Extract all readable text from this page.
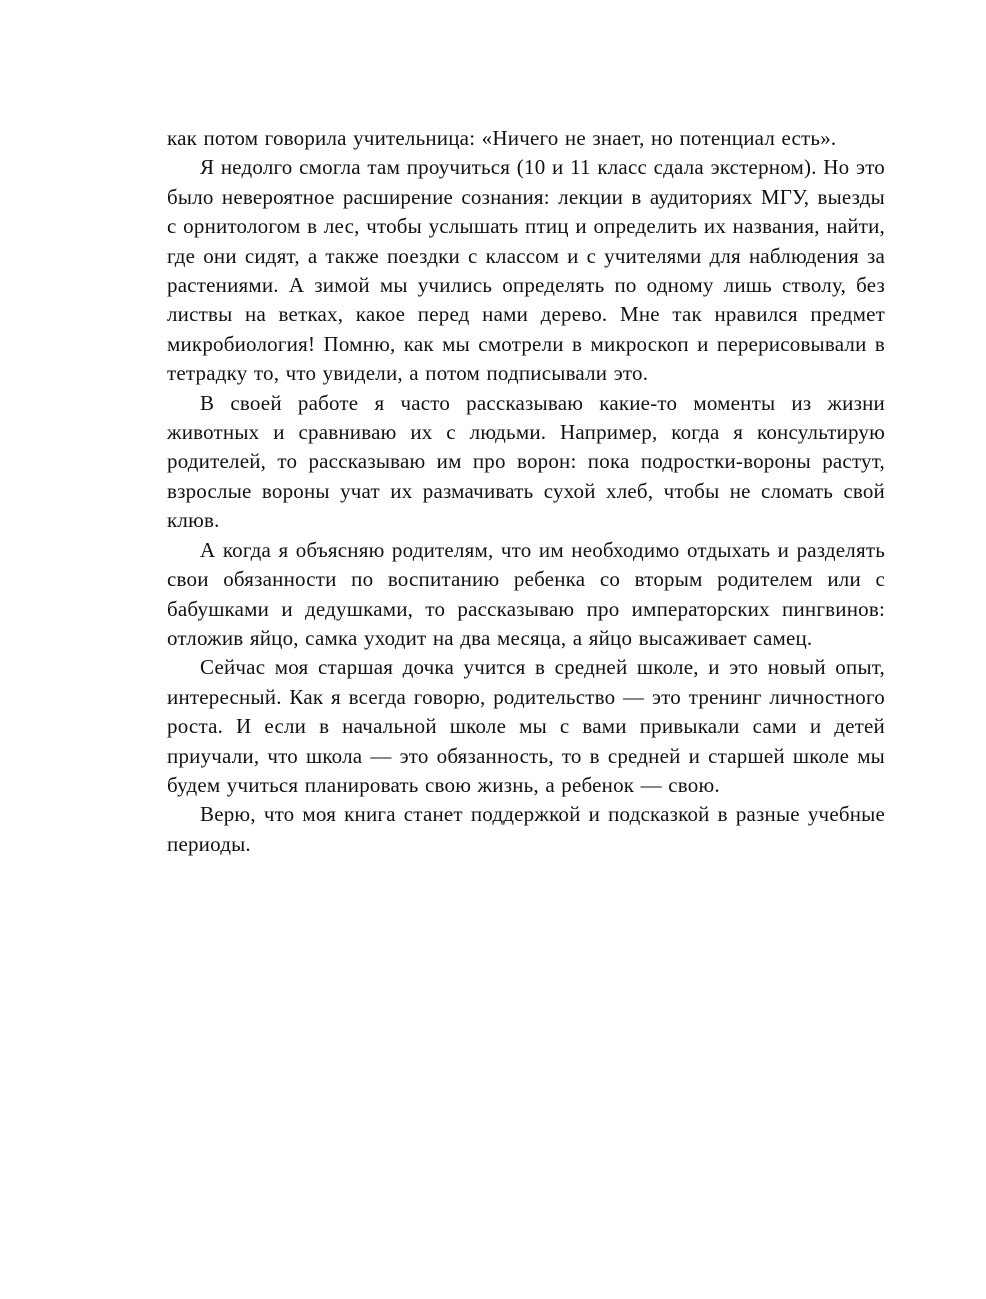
как потом говорила учительница: «Ничего не знает, но потенциал есть».

Я недолго смогла там проучиться (10 и 11 класс сдала экстерном). Но это было невероятное расширение сознания: лекции в аудиториях МГУ, выезды с орнитологом в лес, чтобы услышать птиц и определить их названия, найти, где они сидят, а также поездки с классом и с учителями для наблюдения за растениями. А зимой мы учились определять по одному лишь стволу, без листвы на ветках, какое перед нами дерево. Мне так нравился предмет микробиология! Помню, как мы смотрели в микроскоп и перерисовывали в тетрадку то, что увидели, а потом подписывали это.

В своей работе я часто рассказываю какие-то моменты из жизни животных и сравниваю их с людьми. Например, когда я консультирую родителей, то рассказываю им про ворон: пока подростки-вороны растут, взрослые вороны учат их размачивать сухой хлеб, чтобы не сломать свой клюв.

А когда я объясняю родителям, что им необходимо отдыхать и разделять свои обязанности по воспитанию ребенка со вторым родителем или с бабушками и дедушками, то рассказываю про императорских пингвинов: отложив яйцо, самка уходит на два месяца, а яйцо высаживает самец.

Сейчас моя старшая дочка учится в средней школе, и это новый опыт, интересный. Как я всегда говорю, родительство — это тренинг личностного роста. И если в начальной школе мы с вами привыкали сами и детей приучали, что школа — это обязанность, то в средней и старшей школе мы будем учиться планировать свою жизнь, а ребенок — свою.

Верю, что моя книга станет поддержкой и подсказкой в разные учебные периоды.
